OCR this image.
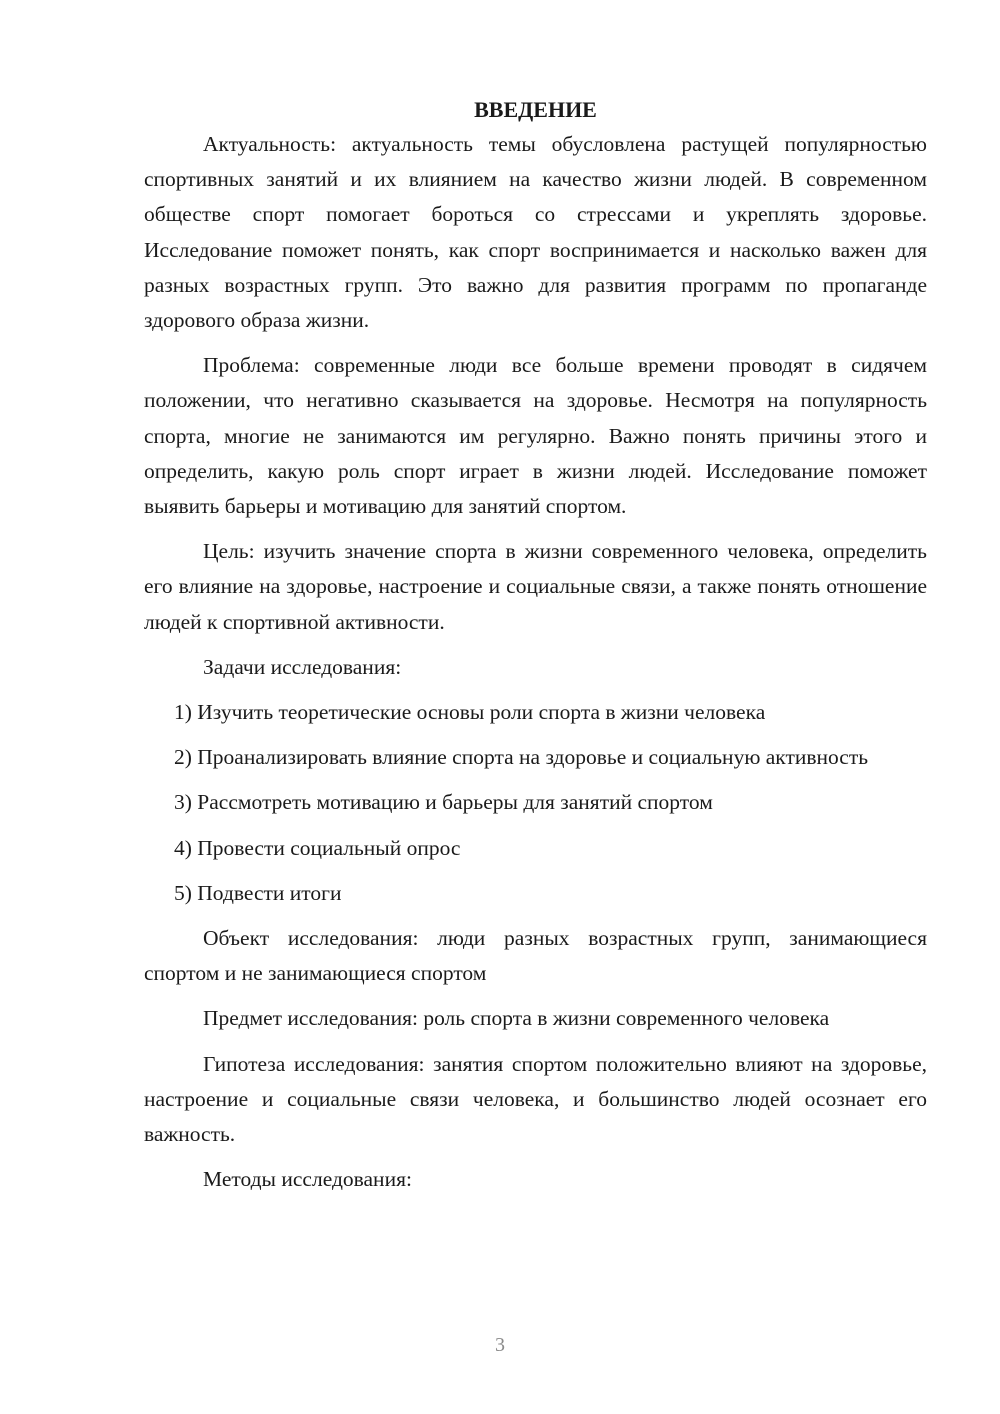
ВВЕДЕНИЕ

Актуальность: актуальность темы обусловлена растущей популярностью спортивных занятий и их влиянием на качество жизни людей. В современном обществе спорт помогает бороться со стрессами и укреплять здоровье. Исследование поможет понять, как спорт воспринимается и насколько важен для разных возрастных групп. Это важно для развития программ по пропаганде здорового образа жизни.

Проблема: современные люди все больше времени проводят в сидячем положении, что негативно сказывается на здоровье. Несмотря на популярность спорта, многие не занимаются им регулярно. Важно понять причины этого и определить, какую роль спорт играет в жизни людей. Исследование поможет выявить барьеры и мотивацию для занятий спортом.

Цель: изучить значение спорта в жизни современного человека, определить его влияние на здоровье, настроение и социальные связи, а также понять отношение людей к спортивной активности.

Задачи исследования:

1) Изучить теоретические основы роли спорта в жизни человека

2) Проанализировать влияние спорта на здоровье и социальную активность

3) Рассмотреть мотивацию и барьеры для занятий спортом

4) Провести социальный опрос

5) Подвести итоги

Объект исследования: люди разных возрастных групп, занимающиеся спортом и не занимающиеся спортом

Предмет исследования: роль спорта в жизни современного человека

Гипотеза исследования: занятия спортом положительно влияют на здоровье, настроение и социальные связи человека, и большинство людей осознает его важность.

Методы исследования:

3
